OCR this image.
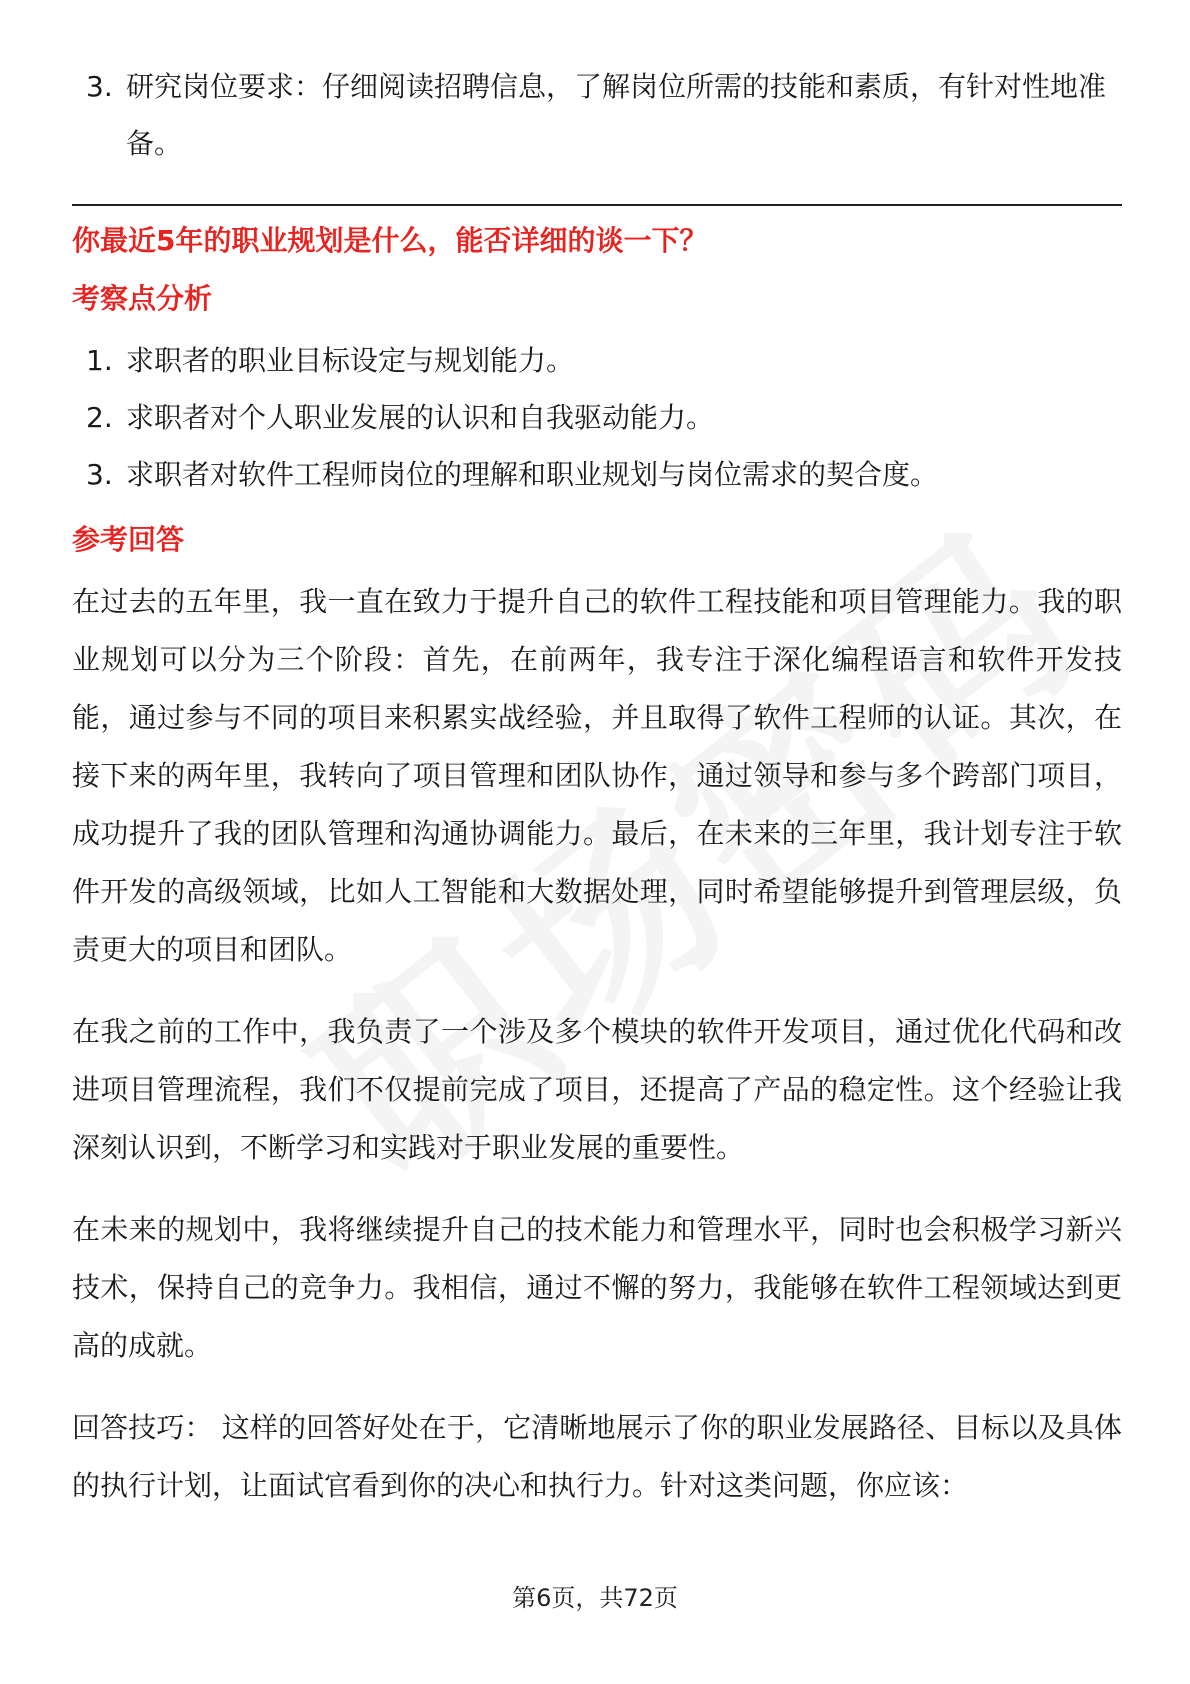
3. 研究岗位要求：仔细阅读招聘信息，了解岗位所需的技能和素质，有针对性地准备。

你最近5年的职业规划是什么，能否详细的谈一下？

考察点分析

1. 求职者的职业目标设定与规划能力。
2. 求职者对个人职业发展的认识和自我驱动能力。
3. 求职者对软件工程师岗位的理解和职业规划与岗位需求的契合度。

参考回答

在过去的五年里，我一直在致力于提升自己的软件工程技能和项目管理能力。我的职业规划可以分为三个阶段：首先，在前两年，我专注于深化编程语言和软件开发技能，通过参与不同的项目来积累实战经验，并且取得了软件工程师的认证。其次，在接下来的两年里，我转向了项目管理和团队协作，通过领导和参与多个跨部门项目，成功提升了我的团队管理和沟通协调能力。最后，在未来的三年里，我计划专注于软件开发的高级领域，比如人工智能和大数据处理，同时希望能够提升到管理层级，负责更大的项目和团队。

在我之前的工作中，我负责了一个涉及多个模块的软件开发项目，通过优化代码和改进项目管理流程，我们不仅提前完成了项目，还提高了产品的稳定性。这个经验让我深刻认识到，不断学习和实践对于职业发展的重要性。

在未来的规划中，我将继续提升自己的技术能力和管理水平，同时也会积极学习新兴技术，保持自己的竞争力。我相信，通过不懈的努力，我能够在软件工程领域达到更高的成就。

回答技巧： 这样的回答好处在于，它清晰地展示了你的职业发展路径、目标以及具体的执行计划，让面试官看到你的决心和执行力。针对这类问题，你应该：

第6页，共72页
